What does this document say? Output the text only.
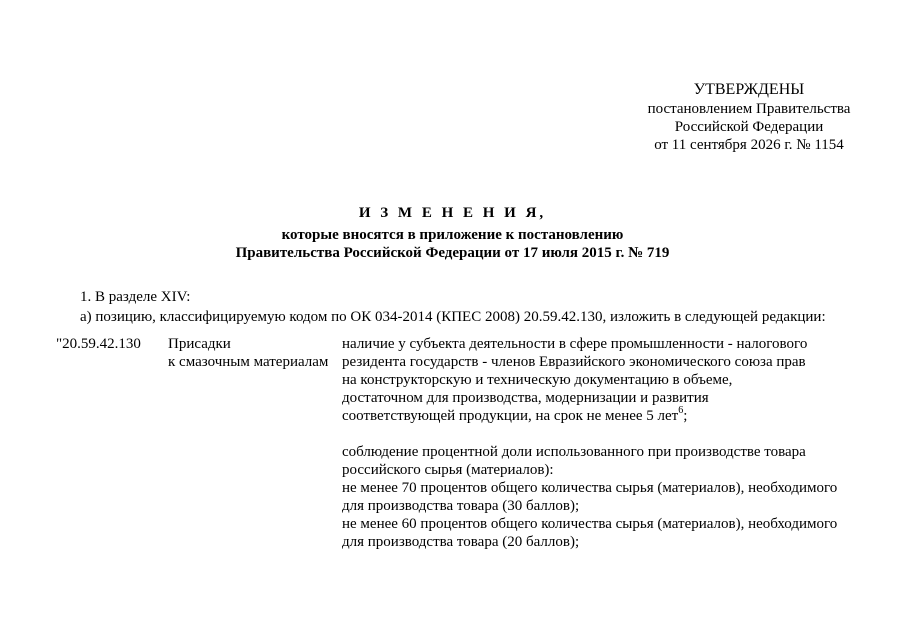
УТВЕРЖДЕНЫ
постановлением Правительства
Российской Федерации
от 11 сентября 2026 г. № 1154
И З М Е Н Е Н И Я,
которые вносятся в приложение к постановлению
Правительства Российской Федерации от 17 июля 2015 г. № 719
1. В разделе XIV:
а) позицию, классифицируемую кодом по ОК 034-2014 (КПЕС 2008) 20.59.42.130, изложить в следующей редакции:
"20.59.42.130 Присадки
к смазочным материалам
наличие у субъекта деятельности в сфере промышленности - налогового
резидента государств - членов Евразийского экономического союза прав
на конструкторскую и техническую документацию в объеме,
достаточном для производства, модернизации и развития
соответствующей продукции, на срок не менее 5 лет$^6$;
соблюдение процентной доли использованного при производстве товара
российского сырья (материалов):
не менее 70 процентов общего количества сырья (материалов), необходимого
для производства товара (30 баллов);
не менее 60 процентов общего количества сырья (материалов), необходимого
для производства товара (20 баллов);
